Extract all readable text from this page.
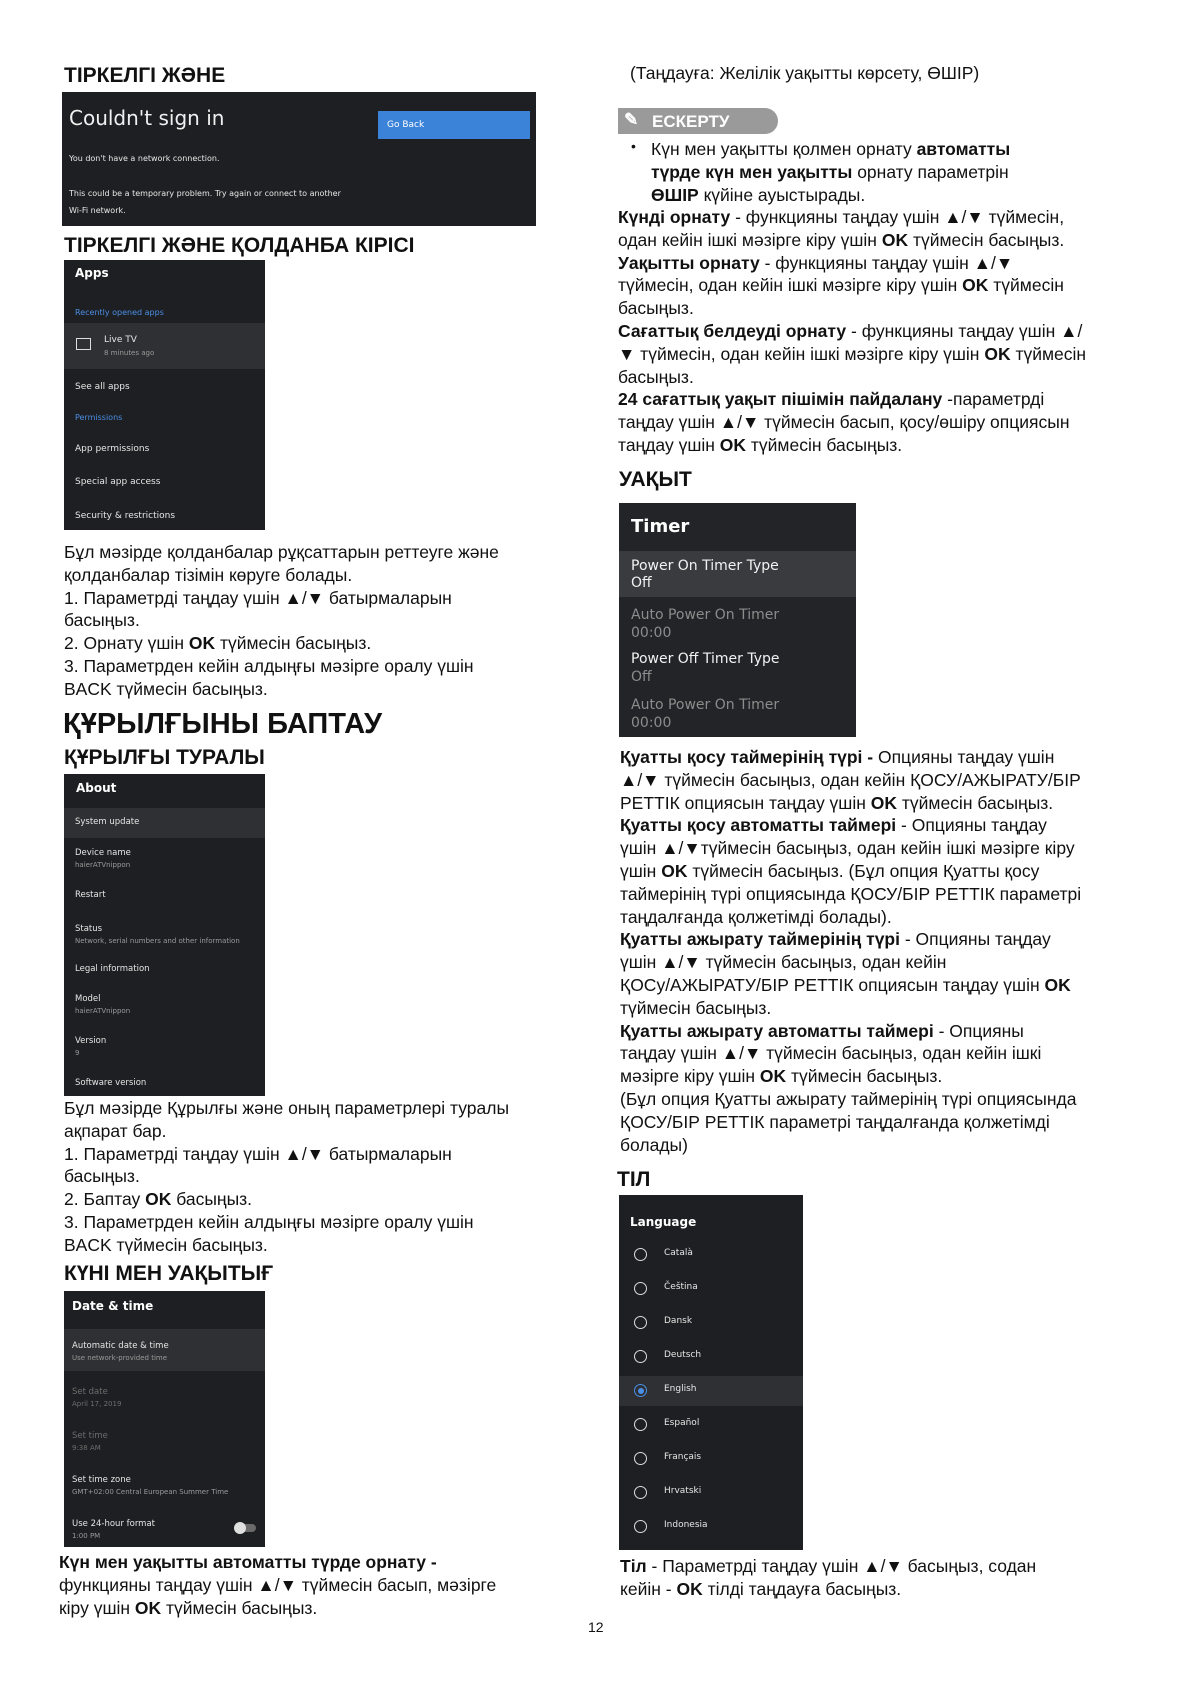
ТІРКЕЛГІ ЖӘНЕ
Couldn't sign in	Go Back
You don't have a network connection.
This could be a temporary problem. Try again or connect to another
Wi-Fi network.
ТІРКЕЛГІ ЖӘНЕ ҚОЛДАНБА КІРІСІ
Apps
Recently opened apps
Live TV
8 minutes ago
See all apps
Permissions
App permissions
Special app access
Security & restrictions

Бұл мәзірде қолданбалар рұқсаттарын реттеуге және

қолданбалар тізімін көруге болады.

1. Параметрді таңдау үшін ▲/▼ батырмаларын

басыңыз.

2. Орнату үшін OK түймесін басыңыз.

3. Параметрден кейін алдыңғы мәзірге оралу үшін

BACK түймесін басыңыз.

ҚҰРЫЛҒЫНЫ БАПТАУ
ҚҰРЫЛҒЫ ТУРАЛЫ
About
System update
Device name
haierATVnippon
Restart
Status
Network, serial numbers and other information
Legal information
Model
haierATVnippon
Version
9
Software version

Бұл мәзірде Құрылғы және оның параметрлері туралы

ақпарат бар.

1. Параметрді таңдау үшін ▲/▼ батырмаларын

басыңыз.

2. Баптау OK басыңыз.

3. Параметрден кейін алдыңғы мәзірге оралу үшін

BACK түймесін басыңыз.

КҮНІ МЕН УАҚЫТЫҒ
Date & time
Automatic date & time
Use network-provided time
Set date
April 17, 2019
Set time
9:38 AM
Set time zone
GMT+02:00 Central European Summer Time
Use 24-hour format
1:00 PM

Күн мен уақытты автоматты түрде орнату -

функцияны таңдау үшін ▲/▼ түймесін басып, мәзірге

кіру үшін OK түймесін басыңыз.

(Таңдауға: Желілік уақытты көрсету, ӨШІР)
✎ ЕСКЕРТУ
• Күн мен уақытты қолмен орнату автоматты

түрде күн мен уақытты орнату параметрін

ӨШІР күйіне ауыстырады.

Күнді орнату - функцияны таңдау үшін ▲/▼ түймесін,

одан кейін ішкі мәзірге кіру үшін OK түймесін басыңыз.

Уақытты орнату - функцияны таңдау үшін ▲/▼

түймесін, одан кейін ішкі мәзірге кіру үшін OK түймесін

басыңыз.

Сағаттық белдеуді орнату - функцияны таңдау үшін ▲/

▼ түймесін, одан кейін ішкі мәзірге кіру үшін OK түймесін

басыңыз.

24 сағаттық уақыт пішімін пайдалану -параметрді

таңдау үшін ▲/▼ түймесін басып, қосу/өшіру опциясын

таңдау үшін OK түймесін басыңыз.

УАҚЫТ
Timer
Power On Timer Type
Off
Auto Power On Timer
00:00
Power Off Timer Type
Off
Auto Power On Timer
00:00

Қуатты қосу таймерінің түрі - Опцияны таңдау үшін

▲/▼ түймесін басыңыз, одан кейін ҚОСУ/АЖЫРАТУ/БІР

РЕТТІК опциясын таңдау үшін OK түймесін басыңыз.

Қуатты қосу автоматты таймері - Опцияны таңдау

үшін ▲/▼түймесін басыңыз, одан кейін ішкі мәзірге кіру

үшін OK түймесін басыңыз. (Бұл опция Қуатты қосу

таймерінің түрі опциясында ҚОСУ/БІР РЕТТІК параметрі

таңдалғанда қолжетімді болады).

Қуатты ажырату таймерінің түрі - Опцияны таңдау

үшін ▲/▼ түймесін басыңыз, одан кейін

ҚОСу/АЖЫРАТУ/БІР РЕТТІК опциясын таңдау үшін OK

түймесін басыңыз.

Қуатты ажырату автоматты таймері - Опцияны

таңдау үшін ▲/▼ түймесін басыңыз, одан кейін ішкі

мәзірге кіру үшін OK түймесін басыңыз.

(Бұл опция Қуатты ажырату таймерінің түрі опциясында

ҚОСУ/БІР РЕТТІК параметрі таңдалғанда қолжетімді

болады)

ТІЛ
Language
Català
Čeština
Dansk
Deutsch
English
Español
Français
Hrvatski
Indonesia

Тіл - Параметрді таңдау үшін ▲/▼ басыңыз, содан

кейін - OK тілді таңдауға басыңыз.

12
